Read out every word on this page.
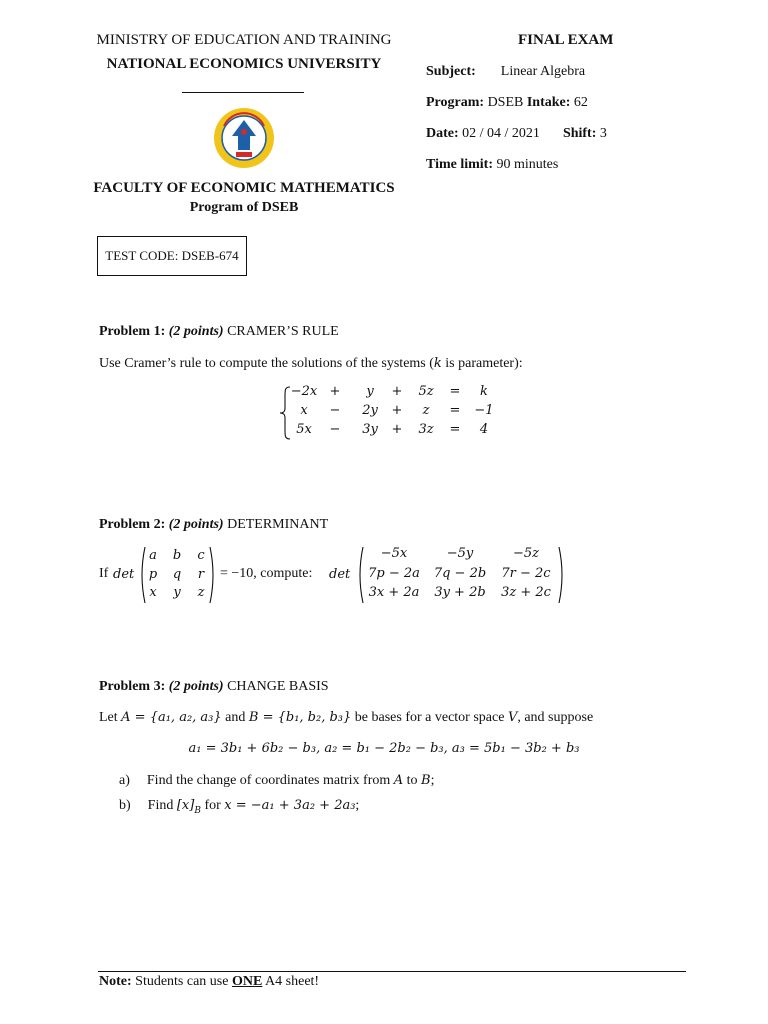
MINISTRY OF EDUCATION AND TRAINING
NATIONAL ECONOMICS UNIVERSITY
FACULTY OF ECONOMIC MATHEMATICS
Program of DSEB
FINAL EXAM
Subject: Linear Algebra
Program: DSEB Intake: 62
Date: 02 / 04 / 2021 Shift: 3
Time limit: 90 minutes
TEST CODE: DSEB-674
Problem 1: (2 points) CRAMER’S RULE
Use Cramer’s rule to compute the solutions of the systems (k is parameter):
−2x +	y	+	5z	=	k
x	−	2y	+	z	=	−1
5x	−	3y	+	3z	=	4
Problem 2: (2 points) DETERMINANT
If det
a b c
p q r
x y z
= −10, compute: det
−5x	−5y	−5z
7p − 2a	7q − 2b	7r − 2c
3x + 2a	3y + 2b	3z + 2c
Problem 3: (2 points) CHANGE BASIS
Let A = {a₁, a₂, a₃} and B = {b₁, b₂, b₃} be bases for a vector space V, and suppose
a₁ = 3b₁ + 6b₂ − b₃, a₂ = b₁ − 2b₂ − b₃, a₃ = 5b₁ − 3b₂ + b₃
a) Find the change of coordinates matrix from A to B;
b) Find $[x]_B$ for x = −a₁ + 3a₂ + 2a₃;
Note: Students can use ONE A4 sheet!
